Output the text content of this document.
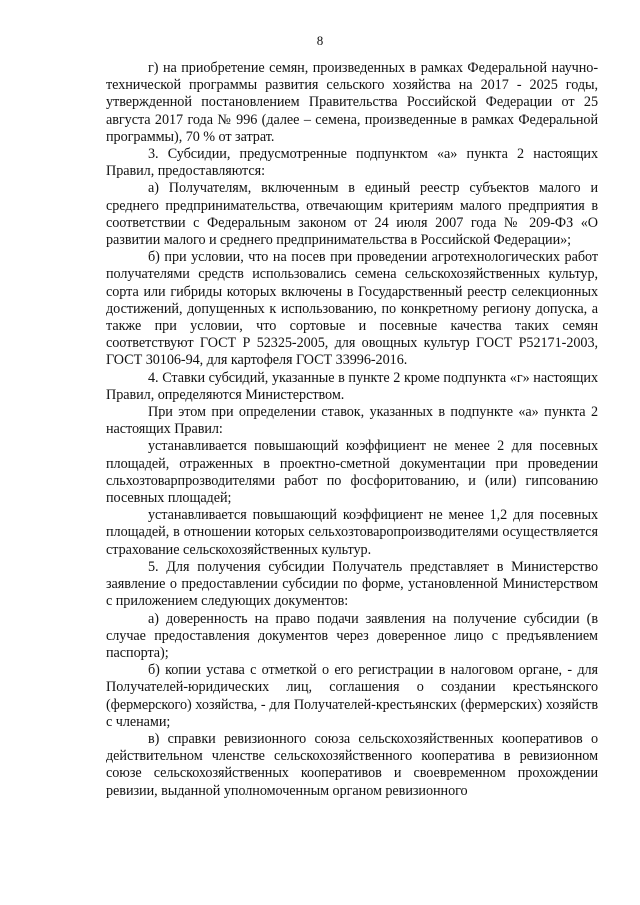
8

г) на приобретение семян, произведенных в рамках Федеральной научно-технической программы развития сельского хозяйства на 2017 - 2025 годы, утвержденной постановлением Правительства Российской Федерации от 25 августа 2017 года № 996 (далее – семена, произведенные в рамках Федеральной программы), 70 % от затрат.

3. Субсидии, предусмотренные подпунктом «а» пункта 2 настоящих Правил, предоставляются:

а) Получателям, включенным в единый реестр субъектов малого и среднего предпринимательства, отвечающим критериям малого предприятия в соответствии с Федеральным законом от 24 июля 2007 года № 209-ФЗ «О развитии малого и среднего предпринимательства в Российской Федерации»;

б) при условии, что на посев при проведении агротехнологических работ получателями средств использовались семена сельскохозяйственных культур, сорта или гибриды которых включены в Государственный реестр селекционных достижений, допущенных к использованию, по конкретному региону допуска, а также при условии, что сортовые и посевные качества таких семян соответствуют ГОСТ Р 52325-2005, для овощных культур ГОСТ Р52171-2003, ГОСТ 30106-94, для картофеля ГОСТ 33996-2016.

4. Ставки субсидий, указанные в пункте 2 кроме подпункта «г» настоящих Правил, определяются Министерством.

При этом при определении ставок, указанных в подпункте «а» пункта 2 настоящих Правил:

устанавливается повышающий коэффициент не менее 2 для посевных площадей, отраженных в проектно-сметной документации при проведении сльхозтоварпрозводителями работ по фосфоритованию, и (или) гипсованию посевных площадей;

устанавливается повышающий коэффициент не менее 1,2 для посевных площадей, в отношении которых сельхозтоваропроизводителями осуществляется страхование сельскохозяйственных культур.

5. Для получения субсидии Получатель представляет в Министерство заявление о предоставлении субсидии по форме, установленной Министерством с приложением следующих документов:

а) доверенность на право подачи заявления на получение субсидии (в случае предоставления документов через доверенное лицо с предъявлением паспорта);

б) копии устава с отметкой о его регистрации в налоговом органе, - для Получателей-юридических лиц, соглашения о создании крестьянского (фермерского) хозяйства, - для Получателей-крестьянских (фермерских) хозяйств с членами;

в) справки ревизионного союза сельскохозяйственных кооперативов о действительном членстве сельскохозяйственного кооператива в ревизионном союзе сельскохозяйственных кооперативов и своевременном прохождении ревизии, выданной уполномоченным органом ревизионного
